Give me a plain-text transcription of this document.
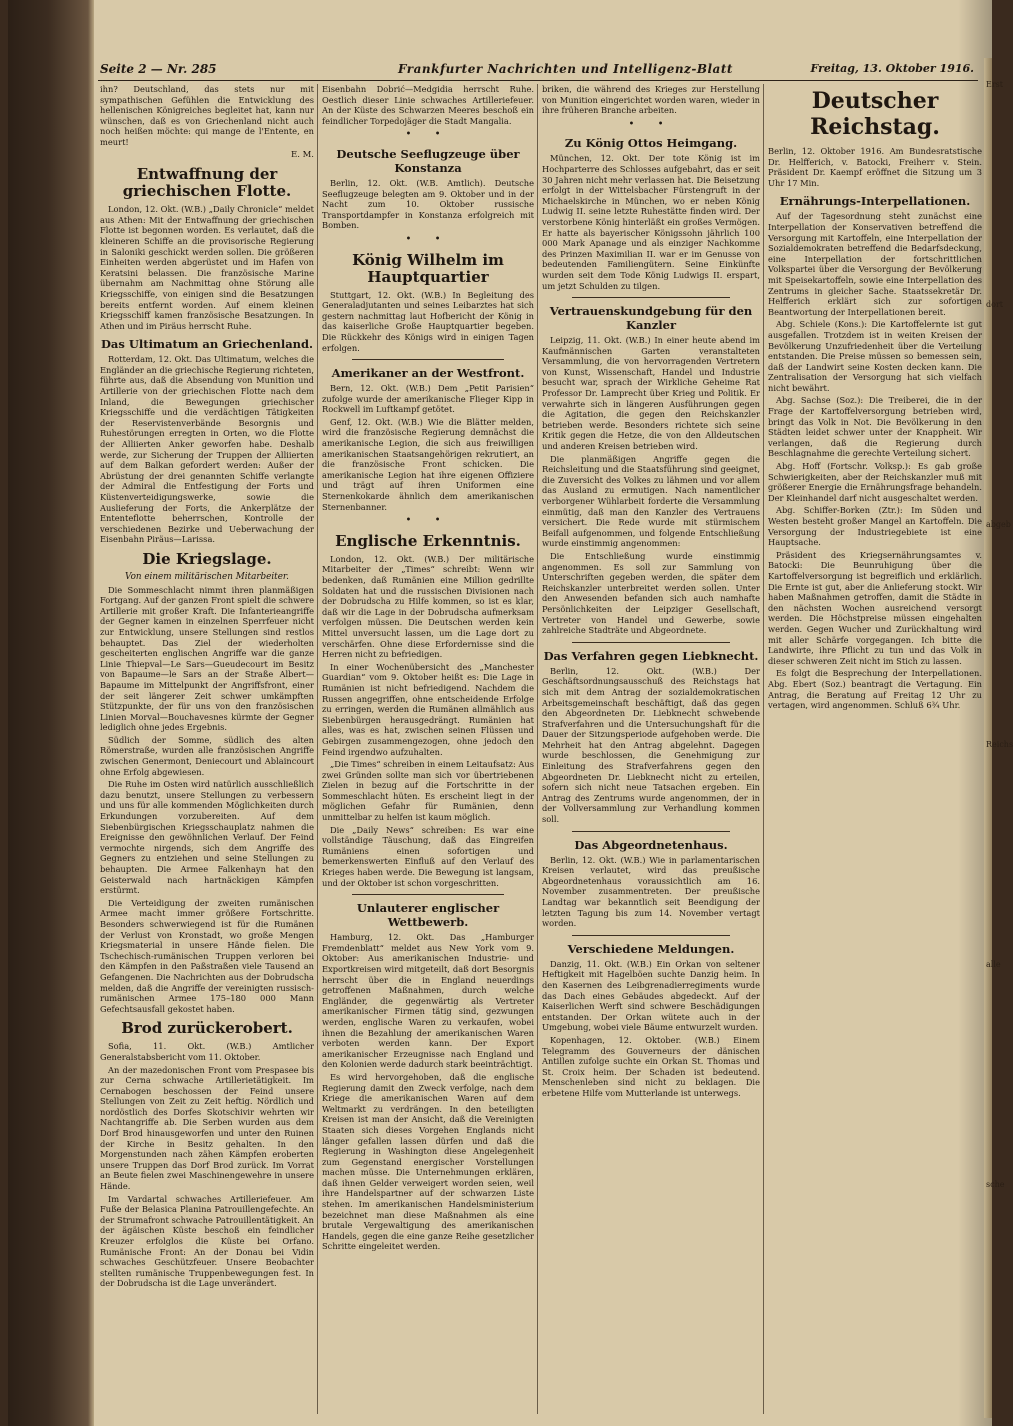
Seite 2 — Nr. 285	Frankfurter Nachrichten und Intelligenz-Blatt	Freitag, 13. Oktober 1916.

ihn? Deutschland, das stets nur mit sympathischen Gefühlen die Entwicklung des hellenischen Königreiches begleitet hat, kann nur wünschen, daß es von Griechenland nicht auch noch heißen möchte: qui mange de l'Entente, en meurt!

E. M.
Entwaffnung der griechischen Flotte.

London, 12. Okt. (W.B.) „Daily Chronicle“ meldet aus Athen: Mit der Entwaffnung der griechischen Flotte ist begonnen worden. Es verlautet, daß die kleineren Schiffe an die provisorische Regierung in Saloniki geschickt werden sollen. Die größeren Einheiten werden abgerüstet und im Hafen von Keratsini belassen. Die französische Marine übernahm am Nachmittag ohne Störung alle Kriegsschiffe, von einigen sind die Besatzungen bereits entfernt worden. Auf einem kleinen Kriegsschiff kamen französische Besatzungen. In Athen und im Piräus herrscht Ruhe.

Das Ultimatum an Griechenland.

Rotterdam, 12. Okt. Das Ultimatum, welches die Engländer an die griechische Regierung richteten, führte aus, daß die Absendung von Munition und Artillerie von der griechischen Flotte nach dem Inland, die Bewegungen griechischer Kriegsschiffe und die verdächtigen Tätigkeiten der Reservistenverbände Besorgnis und Ruhestörungen erregten in Orten, wo die Flotte der Alliierten Anker geworfen habe. Deshalb werde, zur Sicherung der Truppen der Alliierten auf dem Balkan gefordert werden: Außer der Abrüstung der drei genannten Schiffe verlangte der Admiral die Entfestigung der Forts und Küstenverteidigungswerke, sowie die Auslieferung der Forts, die Ankerplätze der Ententeflotte beherrschen, Kontrolle der verschiedenen Bezirke und Ueberwachung der Eisenbahn Piräus—Larissa.

Die Kriegslage.
Von einem militärischen Mitarbeiter.

Die Sommeschlacht nimmt ihren planmäßigen Fortgang. Auf der ganzen Front spielt die schwere Artillerie mit großer Kraft. Die Infanterieangriffe der Gegner kamen in einzelnen Sperrfeuer nicht zur Entwicklung, unsere Stellungen sind restlos behauptet. Das Ziel der wiederholten gescheiterten englischen Angriffe war die ganze Linie Thiepval—Le Sars—Gueudecourt im Besitz von Bapaume—le Sars an der Straße Albert—Bapaume im Mittelpunkt der Angriffsfront, einer der seit längerer Zeit schwer umkämpften Stützpunkte, der für uns von den französischen Linien Morval—Bouchavesnes kürmte der Gegner lediglich ohne jedes Ergebnis.

Südlich der Somme, südlich des alten Römerstraße, wurden alle französischen Angriffe zwischen Genermont, Deniecourt und Ablaincourt ohne Erfolg abgewiesen.

Die Ruhe im Osten wird natürlich ausschließlich dazu benutzt, unsere Stellungen zu verbessern und uns für alle kommenden Möglichkeiten durch Erkundungen vorzubereiten. Auf dem Siebenbürgischen Kriegsschauplatz nahmen die Ereignisse den gewöhnlichen Verlauf. Der Feind vermochte nirgends, sich dem Angriffe des Gegners zu entziehen und seine Stellungen zu behaupten. Die Armee Falkenhayn hat den Geisterwald nach hartnäckigen Kämpfen erstürmt.

Die Verteidigung der zweiten rumänischen Armee macht immer größere Fortschritte. Besonders schwerwiegend ist für die Rumänen der Verlust von Kronstadt, wo große Mengen Kriegsmaterial in unsere Hände fielen. Die Tschechisch-rumänischen Truppen verloren bei den Kämpfen in den Paßstraßen viele Tausend an Gefangenen. Die Nachrichten aus der Dobrudscha melden, daß die Angriffe der vereinigten russisch-rumänischen Armee 175–180 000 Mann Gefechtsausfall gekostet haben.

Brod zurückerobert.

Sofia, 11. Okt. (W.B.) Amtlicher Generalstabsbericht vom 11. Oktober.

An der mazedonischen Front vom Prespasee bis zur Cerna schwache Artillerietätigkeit. Im Cernabogen beschossen der Feind unsere Stellungen von Zeit zu Zeit heftig. Nördlich und nordöstlich des Dorfes Skotschivir wehrten wir Nachtangriffe ab. Die Serben wurden aus dem Dorf Brod hinausgeworfen und unter den Ruinen der Kirche in Besitz gehalten. In den Morgenstunden nach zähen Kämpfen eroberten unsere Truppen das Dorf Brod zurück. Im Vorrat an Beute fielen zwei Maschinengewehre in unsere Hände.

Im Vardartal schwaches Artilleriefeuer. Am Fuße der Belasica Planina Patrouillengefechte. An der Strumafront schwache Patrouillentätigkeit. An der ägäischen Küste beschoß ein feindlicher Kreuzer erfolglos die Küste bei Orfano. Rumänische Front: An der Donau bei Vidin schwaches Geschützfeuer. Unsere Beobachter stellten rumänische Truppenbewegungen fest. In der Dobrudscha ist die Lage unverändert.

Eisenbahn Dobrić—Medgidia herrscht Ruhe. Oestlich dieser Linie schwaches Artilleriefeuer. An der Küste des Schwarzen Meeres beschoß ein feindlicher Torpedojäger die Stadt Mangalia.

• •
Deutsche Seeflugzeuge über Konstanza

Berlin, 12. Okt. (W.B. Amtlich). Deutsche Seeflugzeuge belegten am 9. Oktober und in der Nacht zum 10. Oktober russische Transportdampfer in Konstanza erfolgreich mit Bomben.

• •
König Wilhelm im Hauptquartier

Stuttgart, 12. Okt. (W.B.) In Begleitung des Generaladjutanten und seines Leibarztes hat sich gestern nachmittag laut Hofbericht der König in das kaiserliche Große Hauptquartier begeben. Die Rückkehr des Königs wird in einigen Tagen erfolgen.

Amerikaner an der Westfront.

Bern, 12. Okt. (W.B.) Dem „Petit Parisien“ zufolge wurde der amerikanische Flieger Kipp in Rockwell im Luftkampf getötet.

Genf, 12. Okt. (W.B.) Wie die Blätter melden, wird die französische Regierung demnächst die amerikanische Legion, die sich aus freiwilligen amerikanischen Staatsangehörigen rekrutiert, an die französische Front schicken. Die amerikanische Legion hat ihre eigenen Offiziere und trägt auf ihren Uniformen eine Sternenkokarde ähnlich dem amerikanischen Sternenbanner.

• •
Englische Erkenntnis.

London, 12. Okt. (W.B.) Der militärische Mitarbeiter der „Times“ schreibt: Wenn wir bedenken, daß Rumänien eine Million gedrillte Soldaten hat und die russischen Divisionen nach der Dobrudscha zu Hilfe kommen, so ist es klar, daß wir die Lage in der Dobrudscha aufmerksam verfolgen müssen. Die Deutschen werden kein Mittel unversucht lassen, um die Lage dort zu verschärfen. Ohne diese Erfordernisse sind die Herren nicht zu befriedigen.

In einer Wochenübersicht des „Manchester Guardian“ vom 9. Oktober heißt es: Die Lage in Rumänien ist nicht befriedigend. Nachdem die Russen angegriffen, ohne entscheidende Erfolge zu erringen, werden die Rumänen allmählich aus Siebenbürgen herausgedrängt. Rumänien hat alles, was es hat, zwischen seinen Flüssen und Gebirgen zusammengezogen, ohne jedoch den Feind irgendwo aufzuhalten.

„Die Times“ schreiben in einem Leitaufsatz: Aus zwei Gründen sollte man sich vor übertriebenen Zielen in bezug auf die Fortschritte in der Sommeschlacht hüten. Es erscheint liegt in der möglichen Gefahr für Rumänien, denn unmittelbar zu helfen ist kaum möglich.

Die „Daily News“ schreiben: Es war eine vollständige Täuschung, daß das Eingreifen Rumäniens einen sofortigen und bemerkenswerten Einfluß auf den Verlauf des Krieges haben werde. Die Bewegung ist langsam, und der Oktober ist schon vorgeschritten.

Unlauterer englischer Wettbewerb.

Hamburg, 12. Okt. Das „Hamburger Fremdenblatt“ meldet aus New York vom 9. Oktober: Aus amerikanischen Industrie- und Exportkreisen wird mitgeteilt, daß dort Besorgnis herrscht über die in England neuerdings getroffenen Maßnahmen, durch welche Engländer, die gegenwärtig als Vertreter amerikanischer Firmen tätig sind, gezwungen werden, englische Waren zu verkaufen, wobei ihnen die Bezahlung der amerikanischen Waren verboten werden kann. Der Export amerikanischer Erzeugnisse nach England und den Kolonien werde dadurch stark beeinträchtigt.

Es wird hervorgehoben, daß die englische Regierung damit den Zweck verfolge, nach dem Kriege die amerikanischen Waren auf dem Weltmarkt zu verdrängen. In den beteiligten Kreisen ist man der Ansicht, daß die Vereinigten Staaten sich dieses Vorgehen Englands nicht länger gefallen lassen dürfen und daß die Regierung in Washington diese Angelegenheit zum Gegenstand energischer Vorstellungen machen müsse. Die Unternehmungen erklären, daß ihnen Gelder verweigert worden seien, weil ihre Handelspartner auf der schwarzen Liste stehen. Im amerikanischen Handelsministerium bezeichnet man diese Maßnahmen als eine brutale Vergewaltigung des amerikanischen Handels, gegen die eine ganze Reihe gesetzlicher Schritte eingeleitet werden.

briken, die während des Krieges zur Herstellung von Munition eingerichtet worden waren, wieder in ihre früheren Branche arbeiten.

• •
Zu König Ottos Heimgang.

München, 12. Okt. Der tote König ist im Hochparterre des Schlosses aufgebahrt, das er seit 30 Jahren nicht mehr verlassen hat. Die Beisetzung erfolgt in der Wittelsbacher Fürstengruft in der Michaelskirche in München, wo er neben König Ludwig II. seine letzte Ruhestätte finden wird. Der verstorbene König hinterläßt ein großes Vermögen. Er hatte als bayerischer Königssohn jährlich 100 000 Mark Apanage und als einziger Nachkomme des Prinzen Maximilian II. war er im Genusse von bedeutenden Familiengütern. Seine Einkünfte wurden seit dem Tode König Ludwigs II. erspart, um jetzt Schulden zu tilgen.

Vertrauenskundgebung für den Kanzler

Leipzig, 11. Okt. (W.B.) In einer heute abend im Kaufmännischen Garten veranstalteten Versammlung, die von hervorragenden Vertretern von Kunst, Wissenschaft, Handel und Industrie besucht war, sprach der Wirkliche Geheime Rat Professor Dr. Lamprecht über Krieg und Politik. Er verwahrte sich in längeren Ausführungen gegen die Agitation, die gegen den Reichskanzler betrieben werde. Besonders richtete sich seine Kritik gegen die Hetze, die von den Alldeutschen und anderen Kreisen betrieben wird.

Die planmäßigen Angriffe gegen die Reichsleitung und die Staatsführung sind geeignet, die Zuversicht des Volkes zu lähmen und vor allem das Ausland zu ermutigen. Nach namentlicher verborgener Wühlarbeit forderte die Versammlung einmütig, daß man den Kanzler des Vertrauens versichert. Die Rede wurde mit stürmischem Beifall aufgenommen, und folgende Entschließung wurde einstimmig angenommen:

Die Entschließung wurde einstimmig angenommen. Es soll zur Sammlung von Unterschriften gegeben werden, die später dem Reichskanzler unterbreitet werden sollen. Unter den Anwesenden befanden sich auch namhafte Persönlichkeiten der Leipziger Gesellschaft, Vertreter von Handel und Gewerbe, sowie zahlreiche Stadträte und Abgeordnete.

Das Verfahren gegen Liebknecht.

Berlin, 12. Okt. (W.B.) Der Geschäftsordnungsausschuß des Reichstags hat sich mit dem Antrag der sozialdemokratischen Arbeitsgemeinschaft beschäftigt, daß das gegen den Abgeordneten Dr. Liebknecht schwebende Strafverfahren und die Untersuchungshaft für die Dauer der Sitzungsperiode aufgehoben werde. Die Mehrheit hat den Antrag abgelehnt. Dagegen wurde beschlossen, die Genehmigung zur Einleitung des Strafverfahrens gegen den Abgeordneten Dr. Liebknecht nicht zu erteilen, sofern sich nicht neue Tatsachen ergeben. Ein Antrag des Zentrums wurde angenommen, der in der Vollversammlung zur Verhandlung kommen soll.

Das Abgeordnetenhaus.

Berlin, 12. Okt. (W.B.) Wie in parlamentarischen Kreisen verlautet, wird das preußische Abgeordnetenhaus voraussichtlich am 16. November zusammentreten. Der preußische Landtag war bekanntlich seit Beendigung der letzten Tagung bis zum 14. November vertagt worden.

Verschiedene Meldungen.

Danzig, 11. Okt. (W.B.) Ein Orkan von seltener Heftigkeit mit Hagelböen suchte Danzig heim. In den Kasernen des Leibgrenadierregiments wurde das Dach eines Gebäudes abgedeckt. Auf der Kaiserlichen Werft sind schwere Beschädigungen entstanden. Der Orkan wütete auch in der Umgebung, wobei viele Bäume entwurzelt wurden.

Kopenhagen, 12. Oktober. (W.B.) Einem Telegramm des Gouverneurs der dänischen Antillen zufolge suchte ein Orkan St. Thomas und St. Croix heim. Der Schaden ist bedeutend. Menschenleben sind nicht zu beklagen. Die erbetene Hilfe vom Mutterlande ist unterwegs.

Deutscher Reichstag.

Berlin, 12. Oktober 1916. Am Bundesratstische Dr. Helfferich, v. Batocki, Freiherr v. Stein. Präsident Dr. Kaempf eröffnet die Sitzung um 3 Uhr 17 Min.

Ernährungs-Interpellationen.

Auf der Tagesordnung steht zunächst eine Interpellation der Konservativen betreffend die Versorgung mit Kartoffeln, eine Interpellation der Sozialdemokraten betreffend die Bedarfsdeckung, eine Interpellation der fortschrittlichen Volkspartei über die Versorgung der Bevölkerung mit Speisekartoffeln, sowie eine Interpellation des Zentrums in gleicher Sache. Staatssekretär Dr. Helfferich erklärt sich zur sofortigen Beantwortung der Interpellationen bereit.

Abg. Schiele (Kons.): Die Kartoffelernte ist gut ausgefallen. Trotzdem ist in weiten Kreisen der Bevölkerung Unzufriedenheit über die Verteilung entstanden. Die Preise müssen so bemessen sein, daß der Landwirt seine Kosten decken kann. Die Zentralisation der Versorgung hat sich vielfach nicht bewährt.

Abg. Sachse (Soz.): Die Treiberei, die in der Frage der Kartoffelversorgung betrieben wird, bringt das Volk in Not. Die Bevölkerung in den Städten leidet schwer unter der Knappheit. Wir verlangen, daß die Regierung durch Beschlagnahme die gerechte Verteilung sichert.

Abg. Hoff (Fortschr. Volksp.): Es gab große Schwierigkeiten, aber der Reichskanzler muß mit größerer Energie die Ernährungsfrage behandeln. Der Kleinhandel darf nicht ausgeschaltet werden.

Abg. Schiffer-Borken (Ztr.): Im Süden und Westen besteht großer Mangel an Kartoffeln. Die Versorgung der Industriegebiete ist eine Hauptsache.

Präsident des Kriegsernährungsamtes v. Batocki: Die Beunruhigung über die Kartoffelversorgung ist begreiflich und erklärlich. Die Ernte ist gut, aber die Anlieferung stockt. Wir haben Maßnahmen getroffen, damit die Städte in den nächsten Wochen ausreichend versorgt werden. Die Höchstpreise müssen eingehalten werden. Gegen Wucher und Zurückhaltung wird mit aller Schärfe vorgegangen. Ich bitte die Landwirte, ihre Pflicht zu tun und das Volk in dieser schweren Zeit nicht im Stich zu lassen.

Es folgt die Besprechung der Interpellationen. Abg. Ebert (Soz.) beantragt die Vertagung. Ein Antrag, die Beratung auf Freitag 12 Uhr zu vertagen, wird angenommen. Schluß 6¾ Uhr.

Erst
dort
abgeb
Reichs
alle
sche
